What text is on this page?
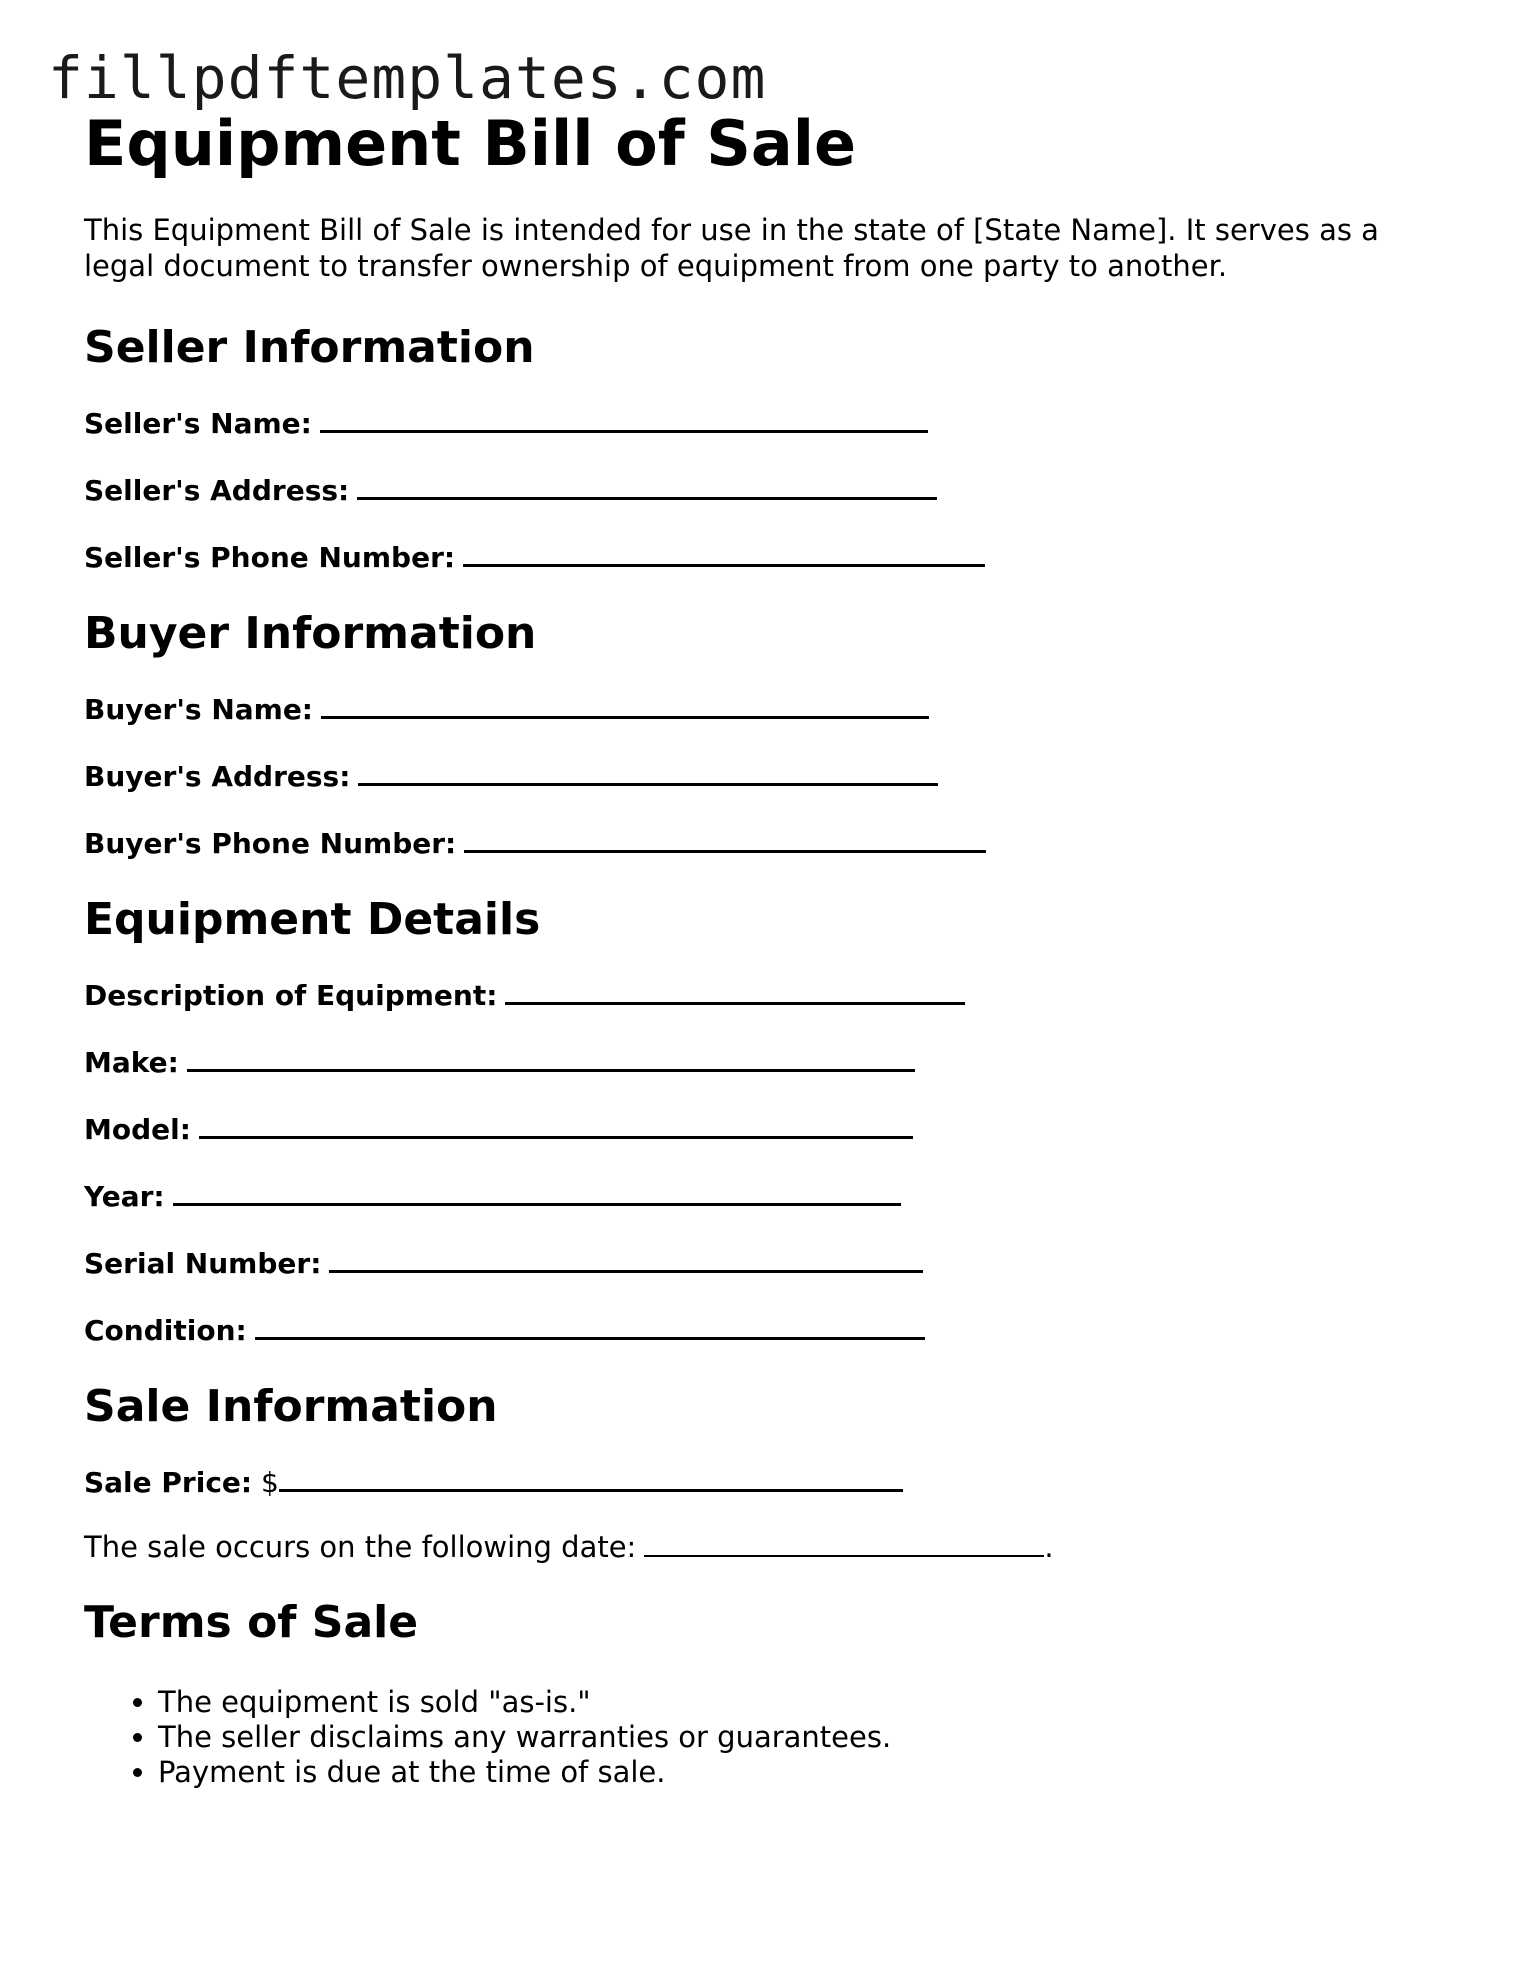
fillpdftemplates.com
Equipment Bill of Sale

This Equipment Bill of Sale is intended for use in the state of [State Name]. It serves as a legal document to transfer ownership of equipment from one party to another.

Seller Information
Seller's Name:
Seller's Address:
Seller's Phone Number:
Buyer Information
Buyer's Name:
Buyer's Address:
Buyer's Phone Number:
Equipment Details
Description of Equipment:
Make:
Model:
Year:
Serial Number:
Condition:
Sale Information
Sale Price: $
The sale occurs on the following date:	.
Terms of Sale
• The equipment is sold "as-is."
• The seller disclaims any warranties or guarantees.
• Payment is due at the time of sale.
